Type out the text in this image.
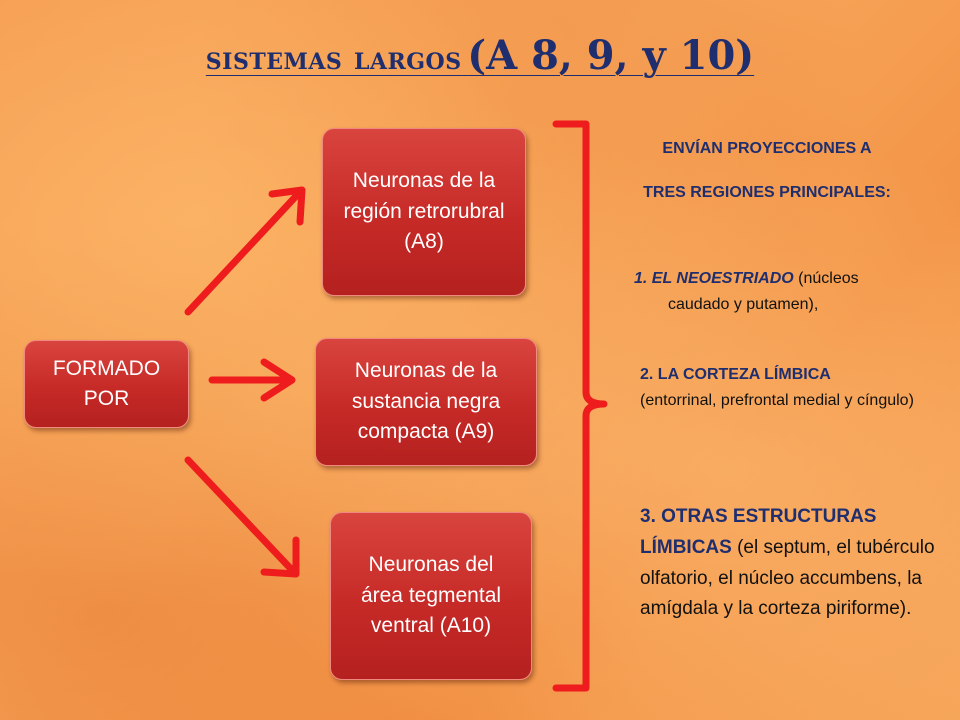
sistemas largos (A 8, 9, y 10)
FORMADO POR
Neuronas de la región retrorubral (A8)
Neuronas de la sustancia negra compacta (A9)
Neuronas del área tegmental ventral (A10)
ENVÍAN PROYECCIONES A
TRES REGIONES PRINCIPALES:
1. EL NEOESTRIADO (núcleos
caudado y putamen),
2. LA CORTEZA LÍMBICA
(entorrinal, prefrontal medial y cíngulo)
3. OTRAS ESTRUCTURAS LÍMBICAS (el septum, el tubérculo olfatorio, el núcleo accumbens, la amígdala y la corteza piriforme).
